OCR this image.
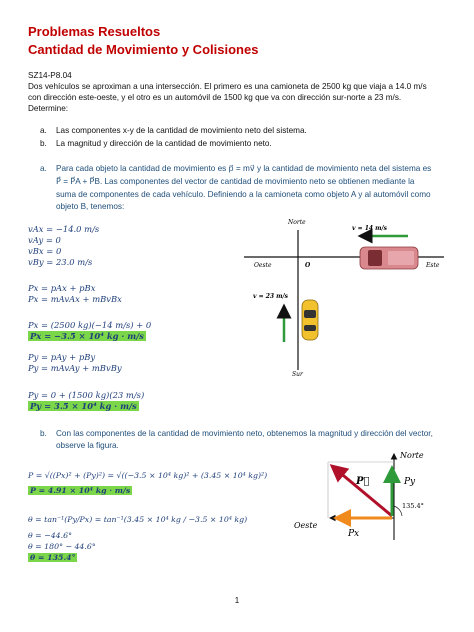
Problemas Resueltos
Cantidad de Movimiento y Colisiones
SZ14-P8.04
Dos vehículos se aproximan a una intersección. El primero es una camioneta de 2500 kg que viaja a 14.0 m/s
con dirección este-oeste, y el otro es un automóvil de 1500 kg que va con dirección sur-norte a 23 m/s.
Determine:
a. Las componentes x-y de la cantidad de movimiento neto del sistema.
b. La magnitud y dirección de la cantidad de movimiento neto.
a. Para cada objeto la cantidad de movimiento es p⃗ = mv⃗ y la cantidad de movimiento neta del sistema es
P⃗ = P⃗A + P⃗B. Las componentes del vector de cantidad de movimiento neto se obtienen mediante la
suma de componentes de cada vehículo. Definiendo a la camioneta como objeto A y al automóvil como
objeto B, tenemos:
vAx = −14.0 m/s
vAy = 0
vBx = 0
vBy = 23.0 m/s
Px = pAx + pBx
Px = mAvAx + mBvBx
Px = (2500 kg)(−14 m/s) + 0
Px = −3.5 × 10⁴ kg · m/s
Py = pAy + pBy
Py = mAvAy + mBvBy
Py = 0 + (1500 kg)(23 m/s)
Py = 3.5 × 10⁴ kg · m/s
Norte
Sur
Oeste	Este
O
v = 14 m/s
v = 23 m/s
b. Con las componentes de la cantidad de movimiento neto, obtenemos la magnitud y dirección del vector,
observe la figura.
P = √((Px)² + (Py)²) = √((−3.5 × 10⁴ kg)² + (3.45 × 10⁴ kg)²)
P = 4.91 × 10⁴ kg · m/s
θ = tan⁻¹(Py/Px) = tan⁻¹(3.45 × 10⁴ kg / −3.5 × 10⁴ kg)
θ = −44.6°
θ = 180° − 44.6°
θ = 135.4°
Norte
Oeste
P⃗	Py
Px
135.4°
1
